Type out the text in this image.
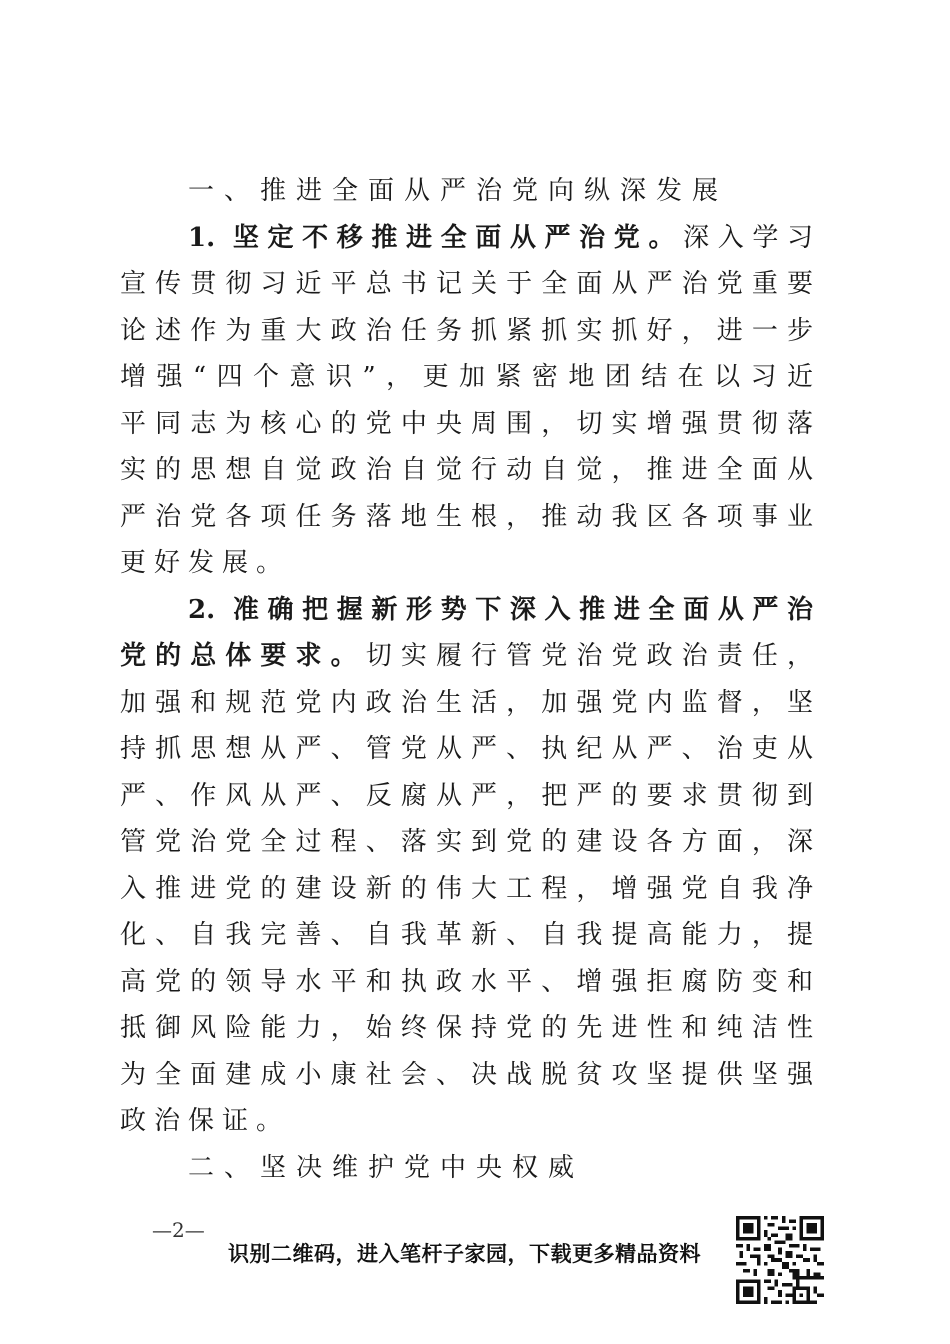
一、推进全面从严治党向纵深发展
1. 坚定不移推进全面从严治党。深入学习
宣传贯彻习近平总书记关于全面从严治党重要
论述作为重大政治任务抓紧抓实抓好，进一步
增强“四个意识”，更加紧密地团结在以习近
平同志为核心的党中央周围，切实增强贯彻落
实的思想自觉政治自觉行动自觉，推进全面从
严治党各项任务落地生根，推动我区各项事业
更好发展。
2. 准确把握新形势下深入推进全面从严治
党的总体要求。切实履行管党治党政治责任，
加强和规范党内政治生活，加强党内监督，坚
持抓思想从严、管党从严、执纪从严、治吏从
严、作风从严、反腐从严，把严的要求贯彻到
管党治党全过程、落实到党的建设各方面，深
入推进党的建设新的伟大工程，增强党自我净
化、自我完善、自我革新、自我提高能力，提
高党的领导水平和执政水平、增强拒腐防变和
抵御风险能力，始终保持党的先进性和纯洁性
为全面建成小康社会、决战脱贫攻坚提供坚强
政治保证。
二、坚决维护党中央权威
—2—
识别二维码，进入笔杆子家园，下载更多精品资料
